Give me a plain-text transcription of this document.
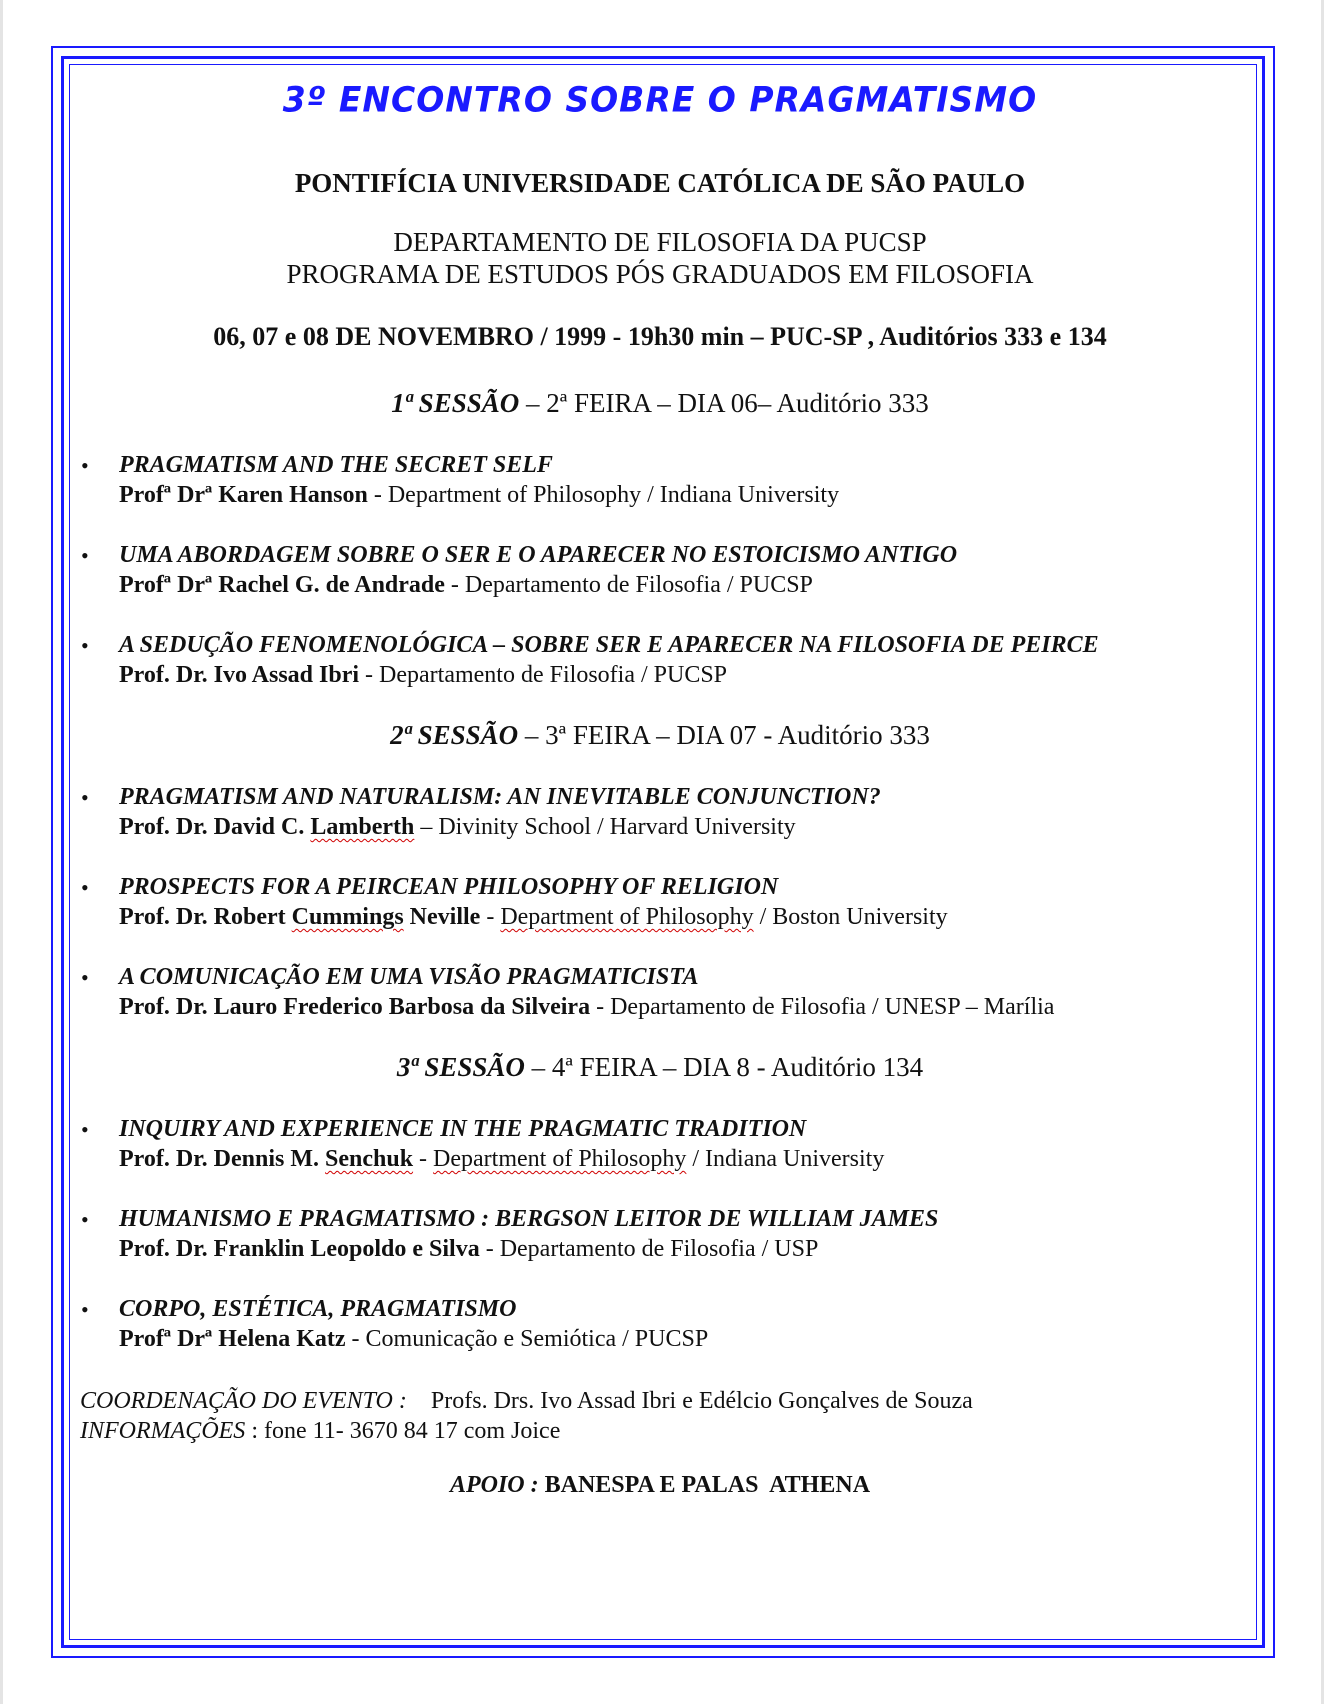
3º ENCONTRO SOBRE O PRAGMATISMO
PONTIFÍCIA UNIVERSIDADE CATÓLICA DE SÃO PAULO
DEPARTAMENTO DE FILOSOFIA DA PUCSP
PROGRAMA DE ESTUDOS PÓS GRADUADOS EM FILOSOFIA
06, 07 e 08 DE NOVEMBRO / 1999 - 19h30 min – PUC-SP , Auditórios 333 e 134
1ª SESSÃO – 2ª FEIRA – DIA 06– Auditório 333
• PRAGMATISM AND THE SECRET SELF
Profª Drª Karen Hanson - Department of Philosophy / Indiana University
• UMA ABORDAGEM SOBRE O SER E O APARECER NO ESTOICISMO ANTIGO
Profª Drª Rachel G. de Andrade - Departamento de Filosofia / PUCSP
• A SEDUÇÃO FENOMENOLÓGICA – SOBRE SER E APARECER NA FILOSOFIA DE PEIRCE
Prof. Dr. Ivo Assad Ibri - Departamento de Filosofia / PUCSP
2ª SESSÃO – 3ª FEIRA – DIA 07 - Auditório 333
• PRAGMATISM AND NATURALISM: AN INEVITABLE CONJUNCTION?
Prof. Dr. David C. Lamberth – Divinity School / Harvard University
• PROSPECTS FOR A PEIRCEAN PHILOSOPHY OF RELIGION
Prof. Dr. Robert Cummings Neville - Department of Philosophy / Boston University
• A COMUNICAÇÃO EM UMA VISÃO PRAGMATICISTA
Prof. Dr. Lauro Frederico Barbosa da Silveira - Departamento de Filosofia / UNESP – Marília
3ª SESSÃO – 4ª FEIRA – DIA 8 - Auditório 134
• INQUIRY AND EXPERIENCE IN THE PRAGMATIC TRADITION
Prof. Dr. Dennis M. Senchuk - Department of Philosophy / Indiana University
• HUMANISMO E PRAGMATISMO : BERGSON LEITOR DE WILLIAM JAMES
Prof. Dr. Franklin Leopoldo e Silva - Departamento de Filosofia / USP
• CORPO, ESTÉTICA, PRAGMATISMO
Profª Drª Helena Katz - Comunicação e Semiótica / PUCSP
COORDENAÇÃO DO EVENTO :    Profs. Drs. Ivo Assad Ibri e Edélcio Gonçalves de Souza
INFORMAÇÕES : fone 11- 3670 84 17 com Joice
APOIO : BANESPA E PALAS  ATHENA
